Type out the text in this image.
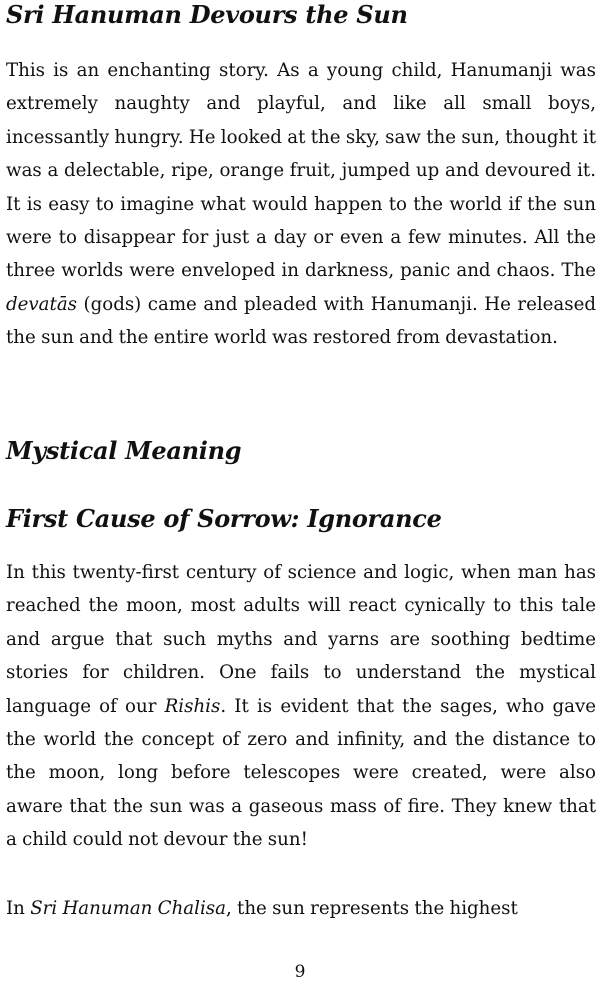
Sri Hanuman Devours the Sun

This is an enchanting story. As a young child, Hanumanji was extremely naughty and playful, and like all small boys, incessantly hungry. He looked at the sky, saw the sun, thought it was a delectable, ripe, orange fruit, jumped up and devoured it. It is easy to imagine what would happen to the world if the sun were to disappear for just a day or even a few minutes. All the three worlds were enveloped in darkness, panic and chaos. The devatās (gods) came and pleaded with Hanumanji. He released the sun and the entire world was restored from devastation.

Mystical Meaning
First Cause of Sorrow: Ignorance

In this twenty-first century of science and logic, when man has reached the moon, most adults will react cynically to this tale and argue that such myths and yarns are soothing bedtime stories for children. One fails to understand the mystical language of our Rishis. It is evident that the sages, who gave the world the concept of zero and infinity, and the distance to the moon, long before telescopes were created, were also aware that the sun was a gaseous mass of fire. They knew that a child could not devour the sun!

In Sri Hanuman Chalisa, the sun represents the highest

9
